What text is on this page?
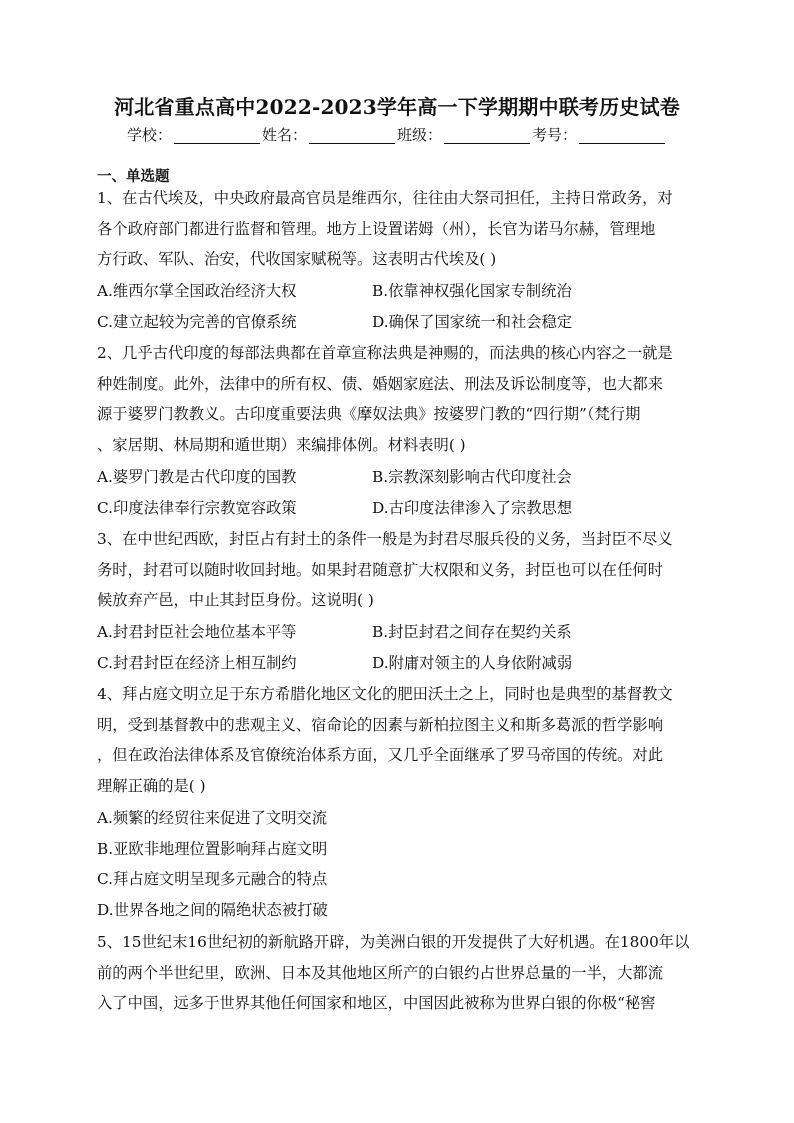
河北省重点高中2022-2023学年高一下学期期中联考历史试卷
学校：	姓名：	班级：	考号：
一、单选题
1、在古代埃及，中央政府最高官员是维西尔，往往由大祭司担任，主持日常政务，对
各个政府部门都进行监督和管理。地方上设置诺姆（州），长官为诺马尔赫，管理地
方行政、军队、治安，代收国家赋税等。这表明古代埃及( )
A.维西尔掌全国政治经济大权	B.依靠神权强化国家专制统治
C.建立起较为完善的官僚系统	D.确保了国家统一和社会稳定
2、几乎古代印度的每部法典都在首章宣称法典是神赐的，而法典的核心内容之一就是
种姓制度。此外，法律中的所有权、债、婚姻家庭法、刑法及诉讼制度等，也大都来
源于婆罗门教教义。古印度重要法典《摩奴法典》按婆罗门教的“四行期”（梵行期
、家居期、林局期和遁世期）来编排体例。材料表明( )
A.婆罗门教是古代印度的国教	B.宗教深刻影响古代印度社会
C.印度法律奉行宗教宽容政策	D.古印度法律渗入了宗教思想
3、在中世纪西欧，封臣占有封土的条件一般是为封君尽服兵役的义务，当封臣不尽义
务时，封君可以随时收回封地。如果封君随意扩大权限和义务，封臣也可以在任何时
候放弃产邑，中止其封臣身份。这说明( )
A.封君封臣社会地位基本平等	B.封臣封君之间存在契约关系
C.封君封臣在经济上相互制约	D.附庸对领主的人身依附减弱
4、拜占庭文明立足于东方希腊化地区文化的肥田沃土之上，同时也是典型的基督教文
明，受到基督教中的悲观主义、宿命论的因素与新柏拉图主义和斯多葛派的哲学影响
，但在政治法律体系及官僚统治体系方面，又几乎全面继承了罗马帝国的传统。对此
理解正确的是( )
A.频繁的经贸往来促进了文明交流
B.亚欧非地理位置影响拜占庭文明
C.拜占庭文明呈现多元融合的特点
D.世界各地之间的隔绝状态被打破
5、15世纪末16世纪初的新航路开辟，为美洲白银的开发提供了大好机遇。在1800年以
前的两个半世纪里，欧洲、日本及其他地区所产的白银约占世界总量的一半，大都流
入了中国，远多于世界其他任何国家和地区，中国因此被称为世界白银的你极“秘窖
